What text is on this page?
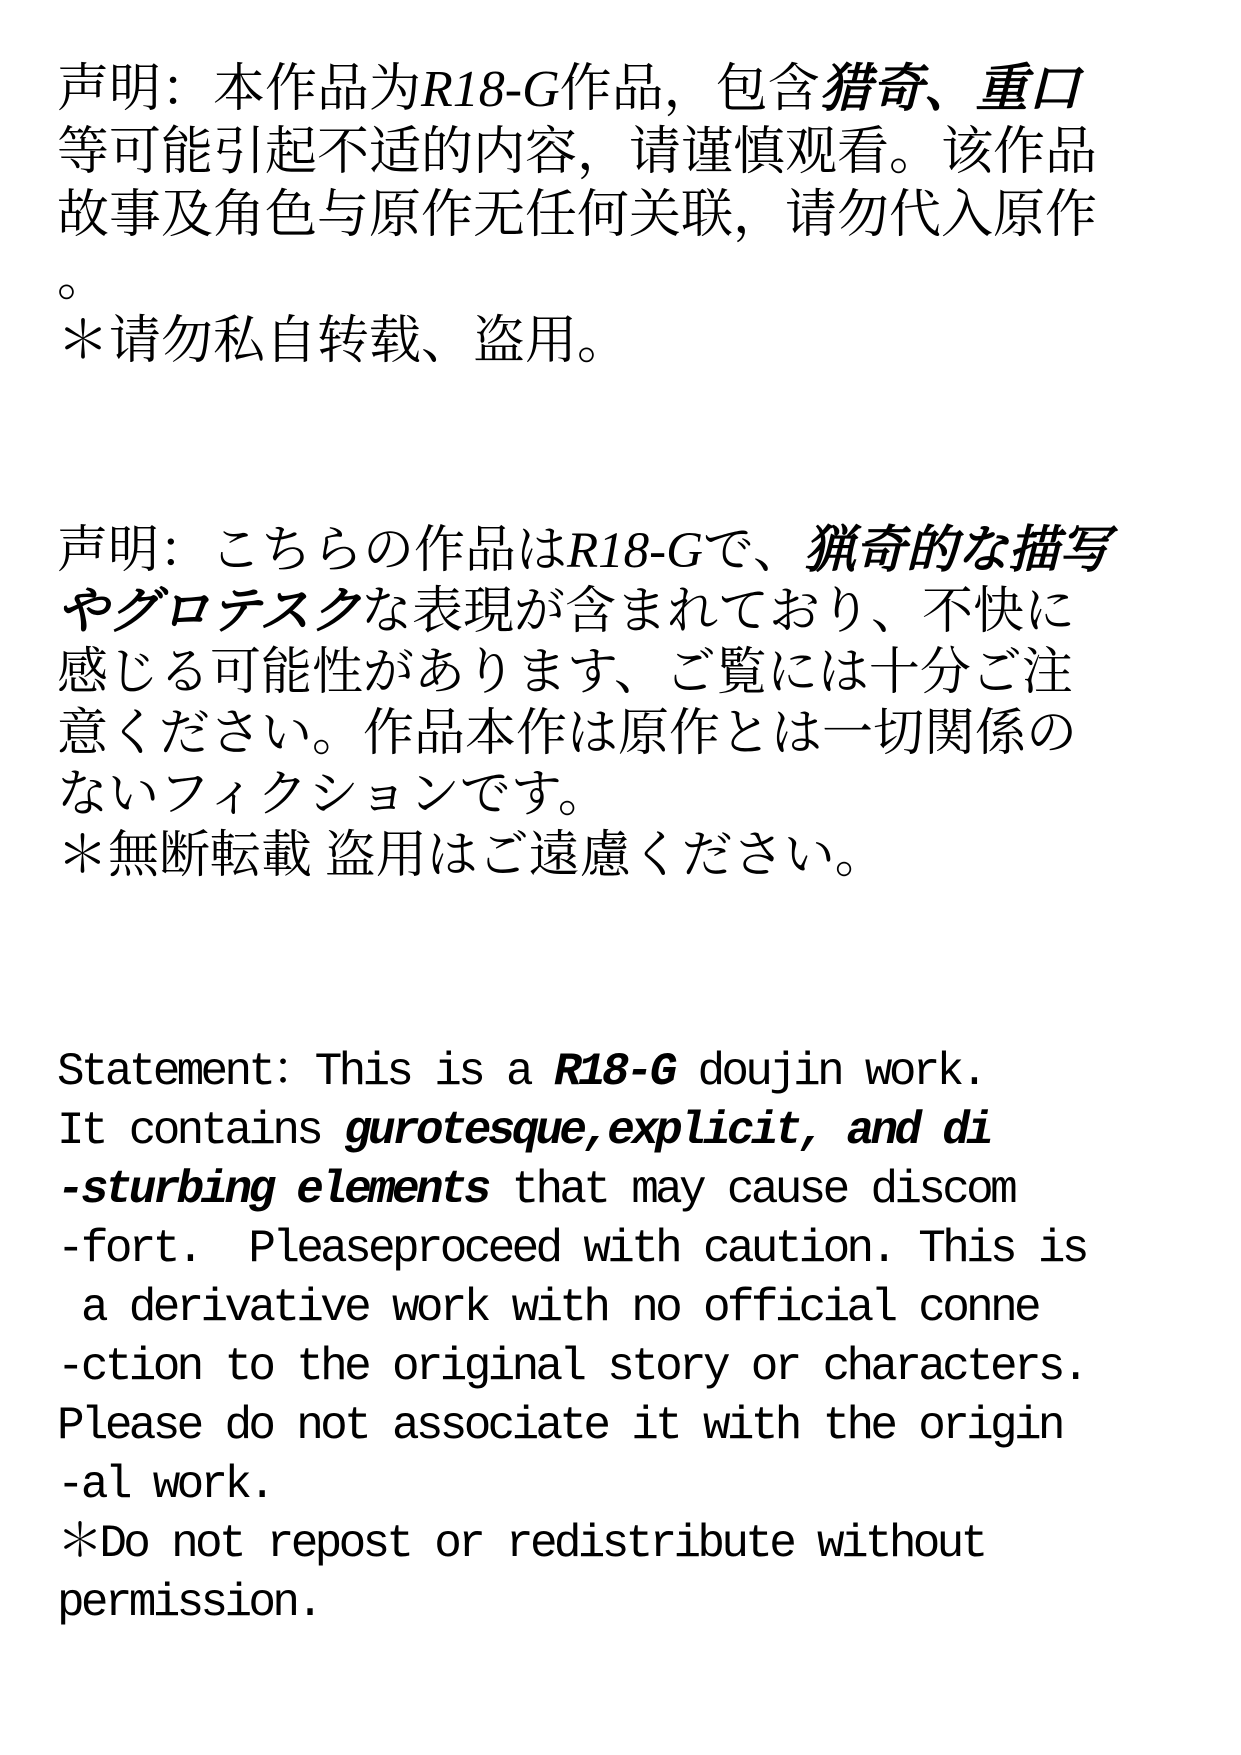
声明：本作品为R18-G作品，包含猎奇、重口
等可能引起不适的内容，请谨慎观看。该作品
故事及角色与原作无任何关联，请勿代入原作
。
＊请勿私自转载、盗用。
声明：こちらの作品はR18-Gで、猟奇的な描写
やグロテスクな表現が含まれており、不快に
感じる可能性があります、ご覧には十分ご注
意ください。作品本作は原作とは一切関係の
ないフィクションです。
＊無断転載 盗用はご遠慮ください。
Statement：This is a R18-G doujin work.
It contains gurotesque,explicit, and di
-sturbing elements that may cause discom
-fort.  Pleaseproceed with caution. This is
a derivative work with no official conne
-ction to the original story or characters.
Please do not associate it with the origin
-al work.
＊Do not repost or redistribute without
permission.
